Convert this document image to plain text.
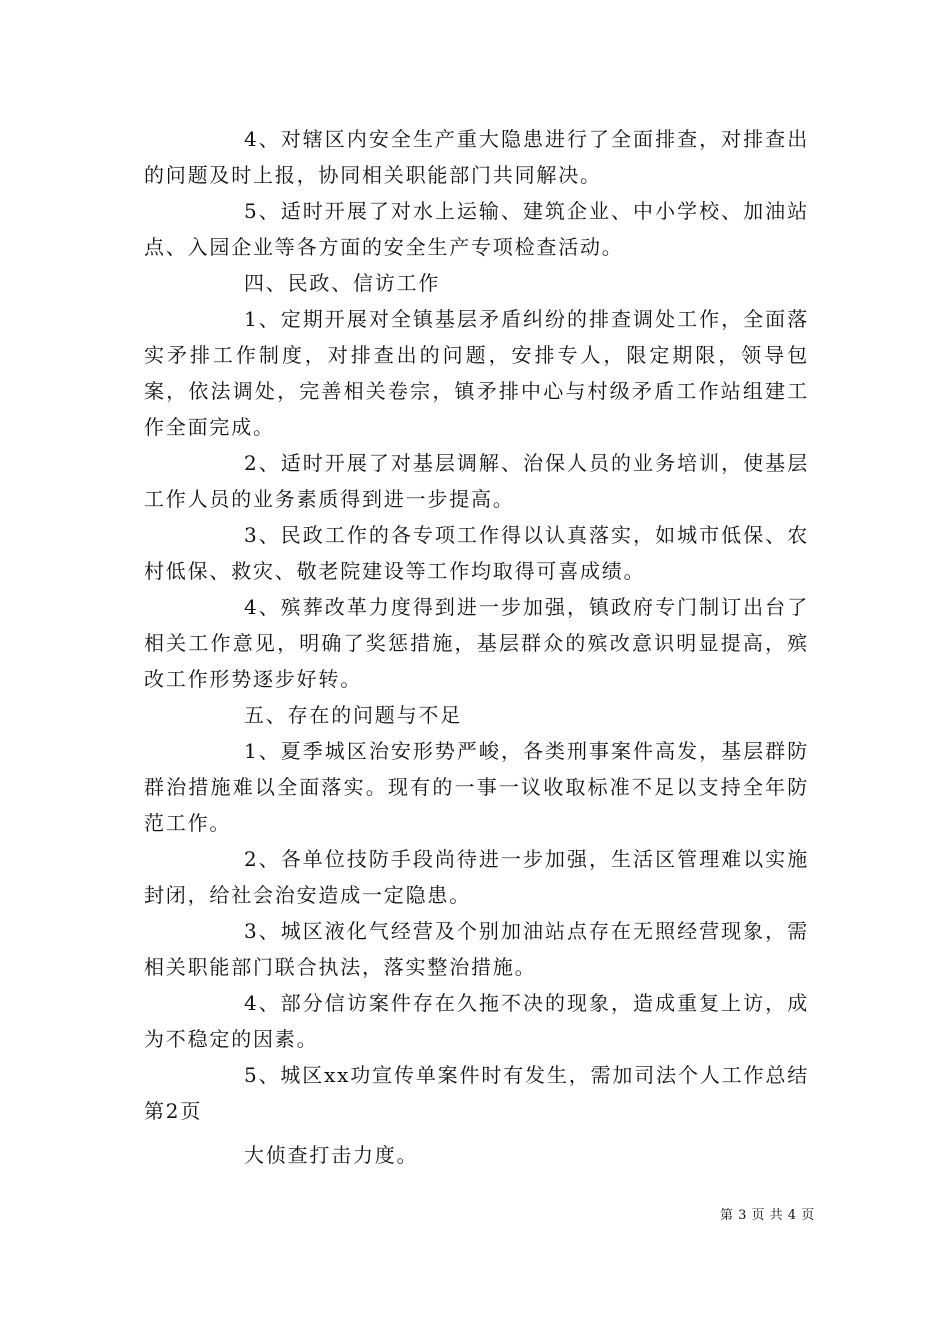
4、对辖区内安全生产重大隐患进行了全面排查，对排查出的问题及时上报，协同相关职能部门共同解决。

5、适时开展了对水上运输、建筑企业、中小学校、加油站点、入园企业等各方面的安全生产专项检查活动。

四、民政、信访工作

1、定期开展对全镇基层矛盾纠纷的排查调处工作，全面落实矛排工作制度，对排查出的问题，安排专人，限定期限，领导包案，依法调处，完善相关卷宗，镇矛排中心与村级矛盾工作站组建工作全面完成。

2、适时开展了对基层调解、治保人员的业务培训，使基层工作人员的业务素质得到进一步提高。

3、民政工作的各专项工作得以认真落实，如城市低保、农村低保、救灾、敬老院建设等工作均取得可喜成绩。

4、殡葬改革力度得到进一步加强，镇政府专门制订出台了相关工作意见，明确了奖惩措施，基层群众的殡改意识明显提高，殡改工作形势逐步好转。

五、存在的问题与不足

1、夏季城区治安形势严峻，各类刑事案件高发，基层群防群治措施难以全面落实。现有的一事一议收取标准不足以支持全年防范工作。

2、各单位技防手段尚待进一步加强，生活区管理难以实施封闭，给社会治安造成一定隐患。

3、城区液化气经营及个别加油站点存在无照经营现象，需相关职能部门联合执法，落实整治措施。

4、部分信访案件存在久拖不决的现象，造成重复上访，成为不稳定的因素。

5、城区xx功宣传单案件时有发生，需加司法个人工作总结第2页

大侦查打击力度。

第 3 页 共 4 页
